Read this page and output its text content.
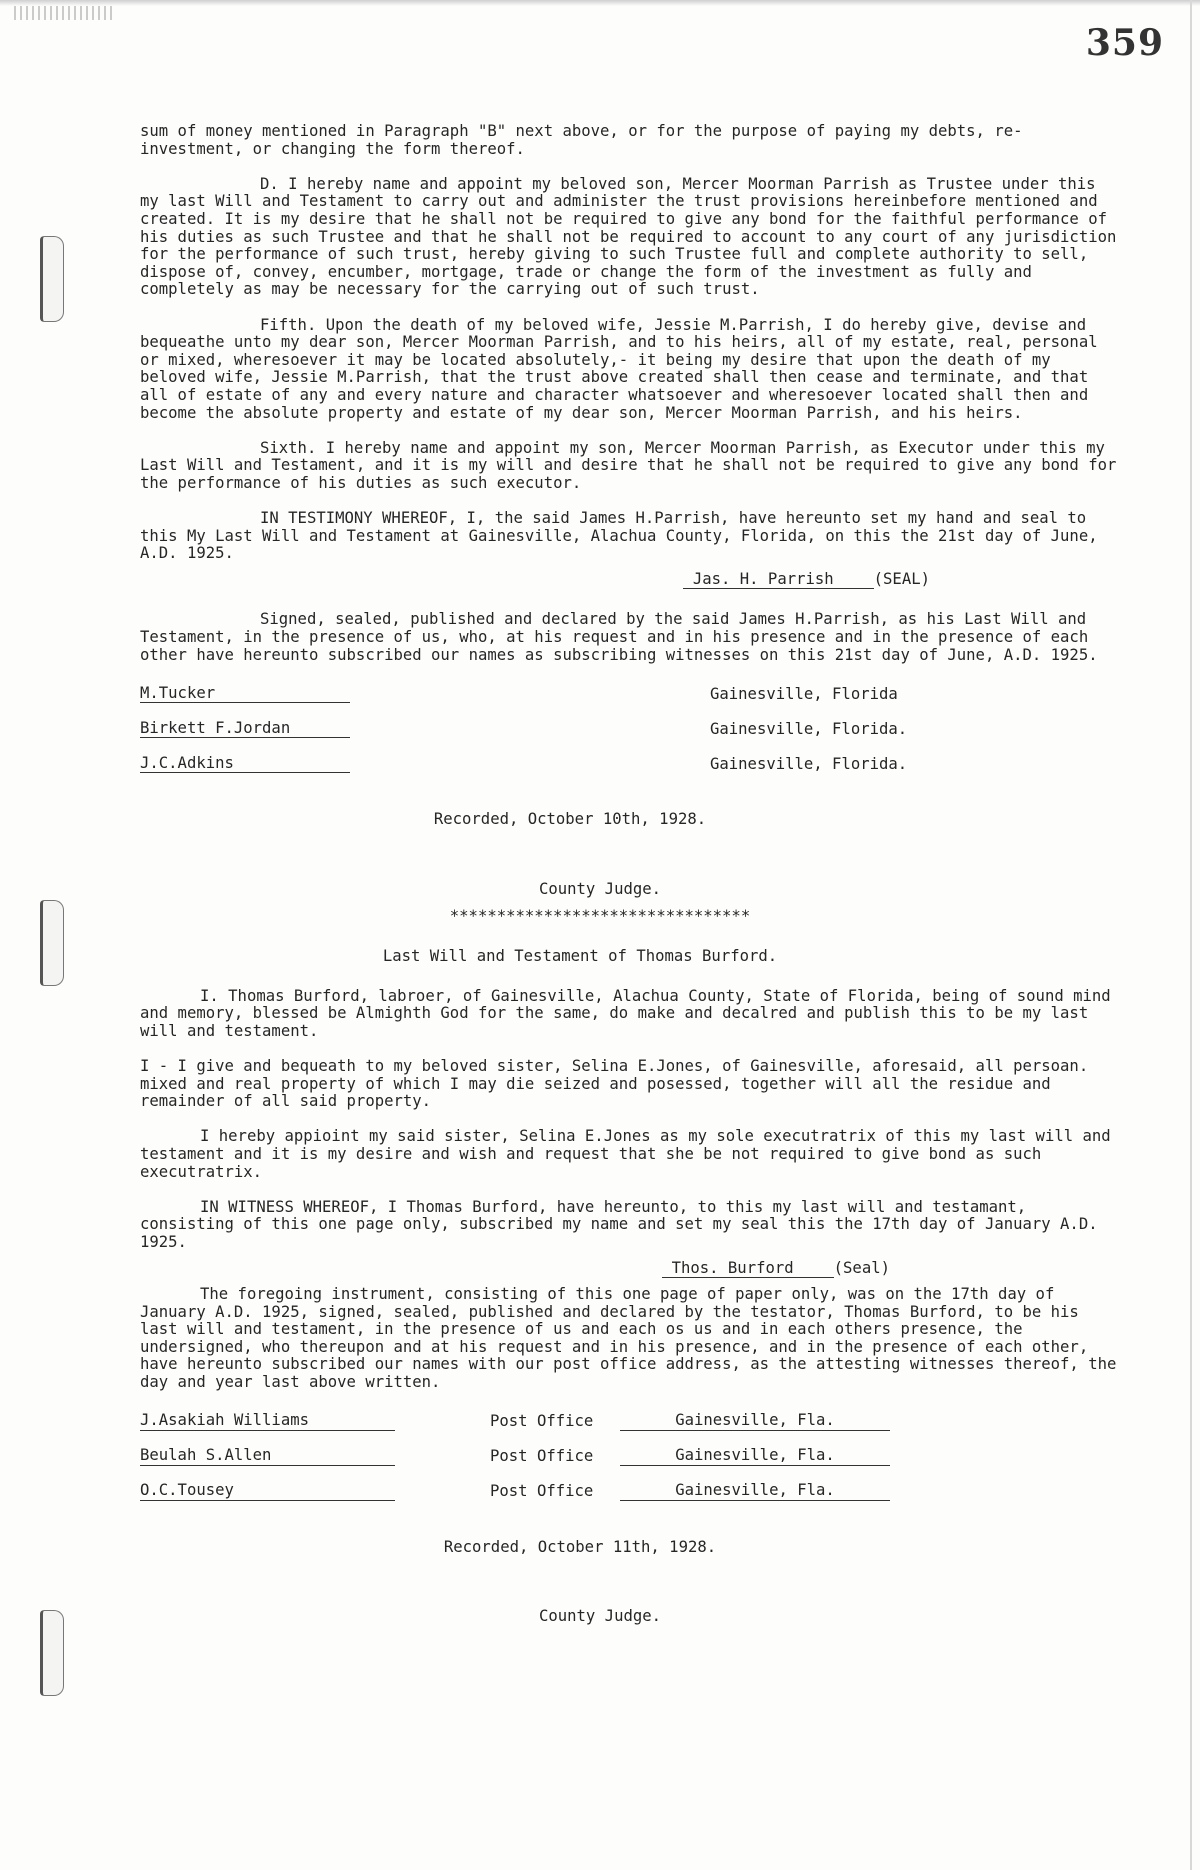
359

sum of money mentioned in Paragraph "B" next above, or for the purpose of paying my debts, re-investment, or changing the form thereof.

D. I hereby name and appoint my beloved son, Mercer Moorman Parrish as Trustee under this my last Will and Testament to carry out and administer the trust provisions hereinbefore mentioned and created. It is my desire that he shall not be required to give any bond for the faithful performance of his duties as such Trustee and that he shall not be required to account to any court of any jurisdiction for the performance of such trust, hereby giving to such Trustee full and complete authority to sell, dispose of, convey, encumber, mortgage, trade or change the form of the investment as fully and completely as may be necessary for the carrying out of such trust.

Fifth. Upon the death of my beloved wife, Jessie M.Parrish, I do hereby give, devise and bequeathe unto my dear son, Mercer Moorman Parrish, and to his heirs, all of my estate, real, personal or mixed, wheresoever it may be located absolutely,- it being my desire that upon the death of my beloved wife, Jessie M.Parrish, that the trust above created shall then cease and terminate, and that all of estate of any and every nature and character whatsoever and wheresoever located shall then and become the absolute property and estate of my dear son, Mercer Moorman Parrish, and his heirs.

Sixth. I hereby name and appoint my son, Mercer Moorman Parrish, as Executor under this my Last Will and Testament, and it is my will and desire that he shall not be required to give any bond for the performance of his duties as such executor.

IN TESTIMONY WHEREOF, I, the said James H.Parrish, have hereunto set my hand and seal to this My Last Will and Testament at Gainesville, Alachua County, Florida, on this the 21st day of June, A.D. 1925.

Jas. H. Parrish	(SEAL)

Signed, sealed, published and declared by the said James H.Parrish, as his Last Will and Testament, in the presence of us, who, at his request and in his presence and in the presence of each other have hereunto subscribed our names as subscribing witnesses on this 21st day of June, A.D. 1925.

M.Tucker	Gainesville, Florida
Birkett F.Jordan	Gainesville, Florida.
J.C.Adkins	Gainesville, Florida.

Recorded, October 10th, 1928.

County Judge.

********************************

Last Will and Testament of Thomas Burford.

I. Thomas Burford, labroer, of Gainesville, Alachua County, State of Florida, being of sound mind and memory, blessed be Almighth God for the same, do make and decalred and publish this to be my last will and testament.

I - I give and bequeath to my beloved sister, Selina E.Jones, of Gainesville, aforesaid, all persoan. mixed and real property of which I may die seized and posessed, together will all the residue and remainder of all said property.

I hereby appioint my said sister, Selina E.Jones as my sole executratrix of this my last will and testament and it is my desire and wish and request that she be not required to give bond as such executratrix.

IN WITNESS WHEREOF, I Thomas Burford, have hereunto, to this my last will and testamant, consisting of this one page only, subscribed my name and set my seal this the 17th day of January A.D. 1925.

Thos. Burford	(Seal)

The foregoing instrument, consisting of this one page of paper only, was on the 17th day of January A.D. 1925, signed, sealed, published and declared by the testator, Thomas Burford, to be his last will and testament, in the presence of us and each os us and in each others presence, the undersigned, who thereupon and at his request and in his presence, and in the presence of each other, have hereunto subscribed our names with our post office address, as the attesting witnesses thereof, the day and year last above written.

J.Asakiah Williams	Post Office	Gainesville, Fla.
Beulah S.Allen	Post Office	Gainesville, Fla.
O.C.Tousey	Post Office	Gainesville, Fla.

Recorded, October 11th, 1928.

County Judge.
